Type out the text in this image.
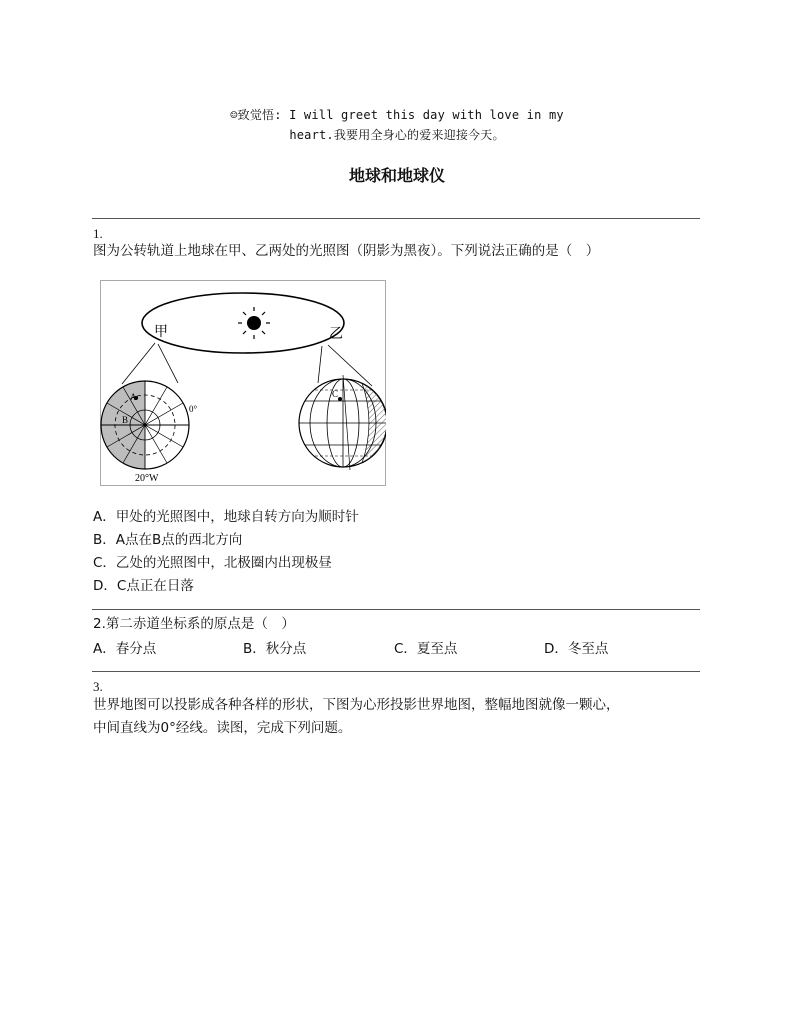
☺致觉悟: I will greet this day with love in my
heart.我要用全身心的爱来迎接今天。
地球和地球仪
1.
图为公转轨道上地球在甲、乙两处的光照图（阴影为黑夜）。下列说法正确的是（　）
甲	乙
A
B
0°
20°W
C
A．甲处的光照图中，地球自转方向为顺时针
B．A点在B点的西北方向
C．乙处的光照图中，北极圈内出现极昼
D．C点正在日落
2.第二赤道坐标系的原点是（　）
A．春分点	B．秋分点	C．夏至点	D．冬至点
3.
世界地图可以投影成各种各样的形状，下图为心形投影世界地图，整幅地图就像一颗心，
中间直线为0°经线。读图，完成下列问题。
